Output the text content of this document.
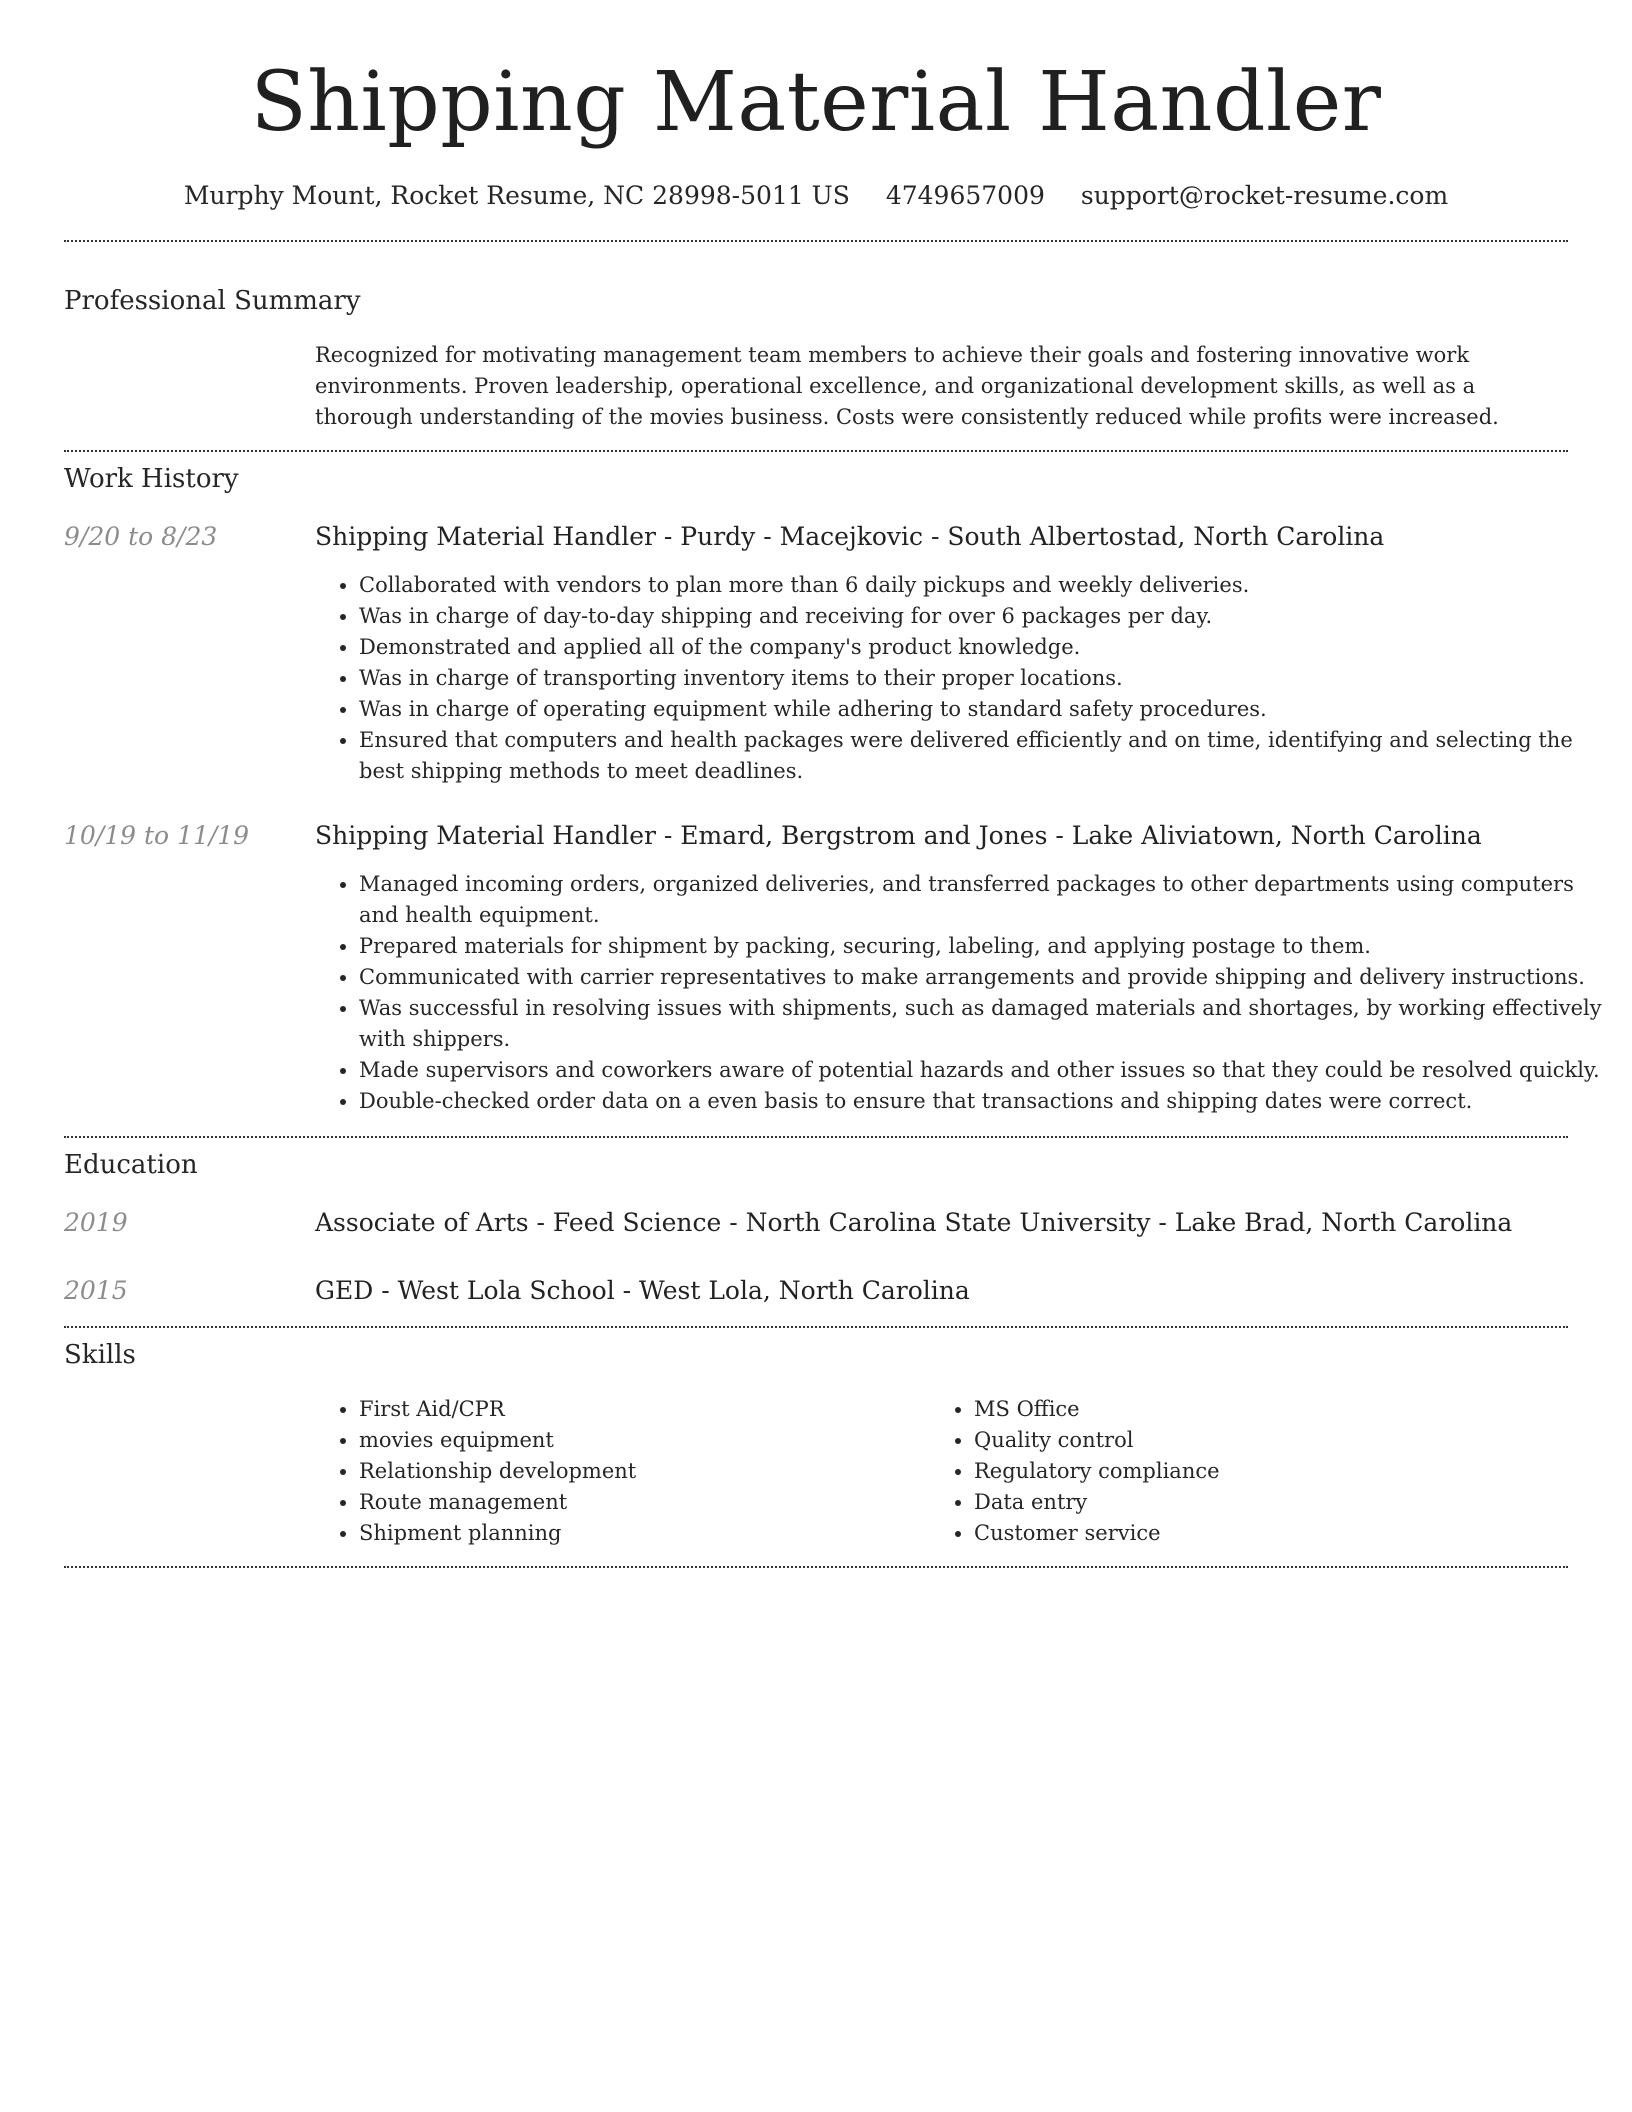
Shipping Material Handler
Murphy Mount, Rocket Resume, NC 28998-5011 US 4749657009 support@rocket-resume.com
Professional Summary
Recognized for motivating management team members to achieve their goals and fostering innovative work environments. Proven leadership, operational excellence, and organizational development skills, as well as a thorough understanding of the movies business. Costs were consistently reduced while profits were increased.
Work History
9/20 to 8/23	Shipping Material Handler - Purdy - Macejkovic - South Albertostad, North Carolina
• Collaborated with vendors to plan more than 6 daily pickups and weekly deliveries.
• Was in charge of day-to-day shipping and receiving for over 6 packages per day.
• Demonstrated and applied all of the company's product knowledge.
• Was in charge of transporting inventory items to their proper locations.
• Was in charge of operating equipment while adhering to standard safety procedures.
• Ensured that computers and health packages were delivered efficiently and on time, identifying and selecting the best shipping methods to meet deadlines.
10/19 to 11/19	Shipping Material Handler - Emard, Bergstrom and Jones - Lake Aliviatown, North Carolina
• Managed incoming orders, organized deliveries, and transferred packages to other departments using computers and health equipment.
• Prepared materials for shipment by packing, securing, labeling, and applying postage to them.
• Communicated with carrier representatives to make arrangements and provide shipping and delivery instructions.
• Was successful in resolving issues with shipments, such as damaged materials and shortages, by working effectively with shippers.
• Made supervisors and coworkers aware of potential hazards and other issues so that they could be resolved quickly.
• Double-checked order data on a even basis to ensure that transactions and shipping dates were correct.
Education
2019	Associate of Arts - Feed Science - North Carolina State University - Lake Brad, North Carolina
2015	GED - West Lola School - West Lola, North Carolina
Skills
• First Aid/CPR
• movies equipment
• Relationship development
• Route management
• Shipment planning
• MS Office
• Quality control
• Regulatory compliance
• Data entry
• Customer service
